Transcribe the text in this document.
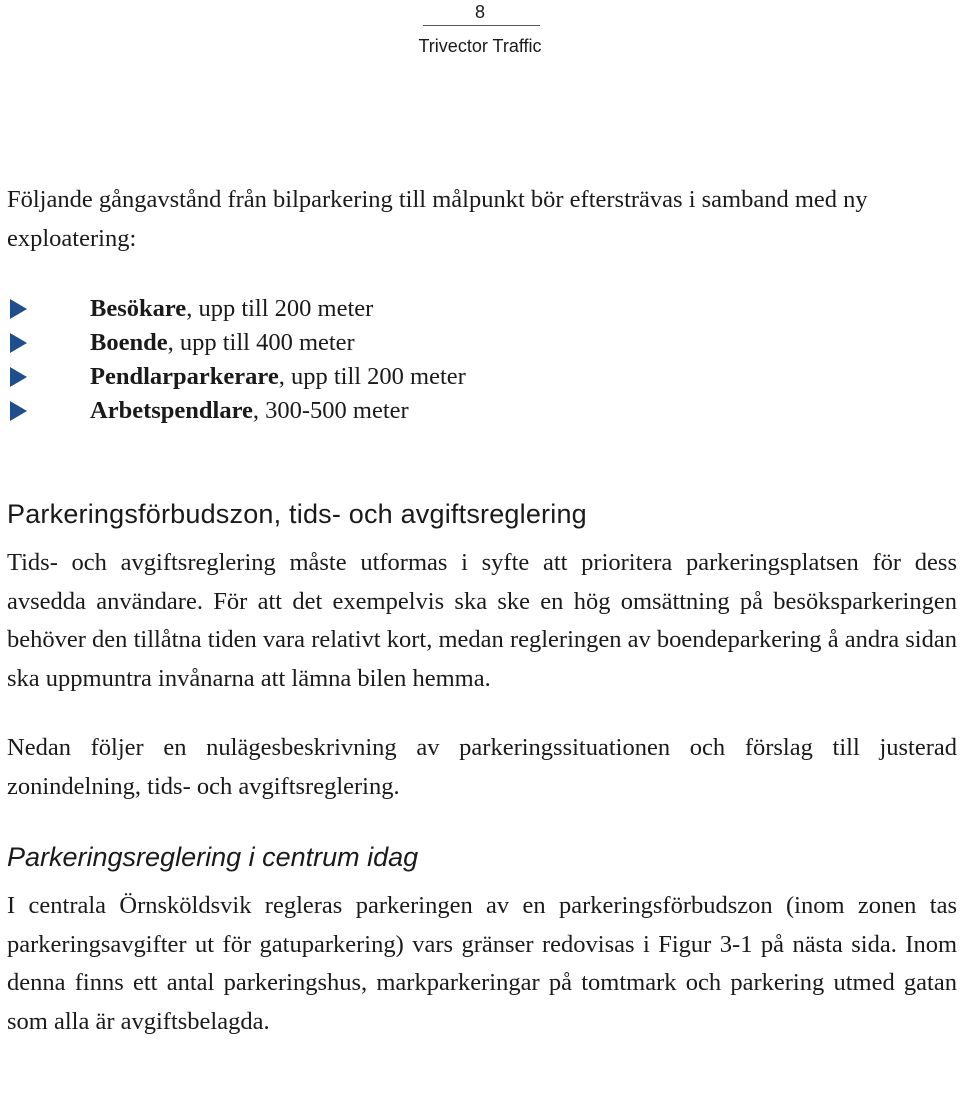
8
Trivector Traffic

Följande gångavstånd från bilparkering till målpunkt bör eftersträvas i samband med ny exploatering:

Besökare, upp till 200 meter
Boende, upp till 400 meter
Pendlarparkerare, upp till 200 meter
Arbetspendlare, 300-500 meter
Parkeringsförbudszon, tids- och avgiftsreglering

Tids- och avgiftsreglering måste utformas i syfte att prioritera parkeringsplatsen för dess avsedda användare. För att det exempelvis ska ske en hög omsättning på besöksparkeringen behöver den tillåtna tiden vara relativt kort, medan regleringen av boendeparkering å andra sidan ska uppmuntra invånarna att lämna bilen hemma.

Nedan följer en nulägesbeskrivning av parkeringssituationen och förslag till justerad zonindelning, tids- och avgiftsreglering.

Parkeringsreglering i centrum idag

I centrala Örnsköldsvik regleras parkeringen av en parkeringsförbudszon (inom zonen tas parkeringsavgifter ut för gatuparkering) vars gränser redovisas i Figur 3-1 på nästa sida. Inom denna finns ett antal parkeringshus, markparkeringar på tomtmark och parkering utmed gatan som alla är avgiftsbelagda.
